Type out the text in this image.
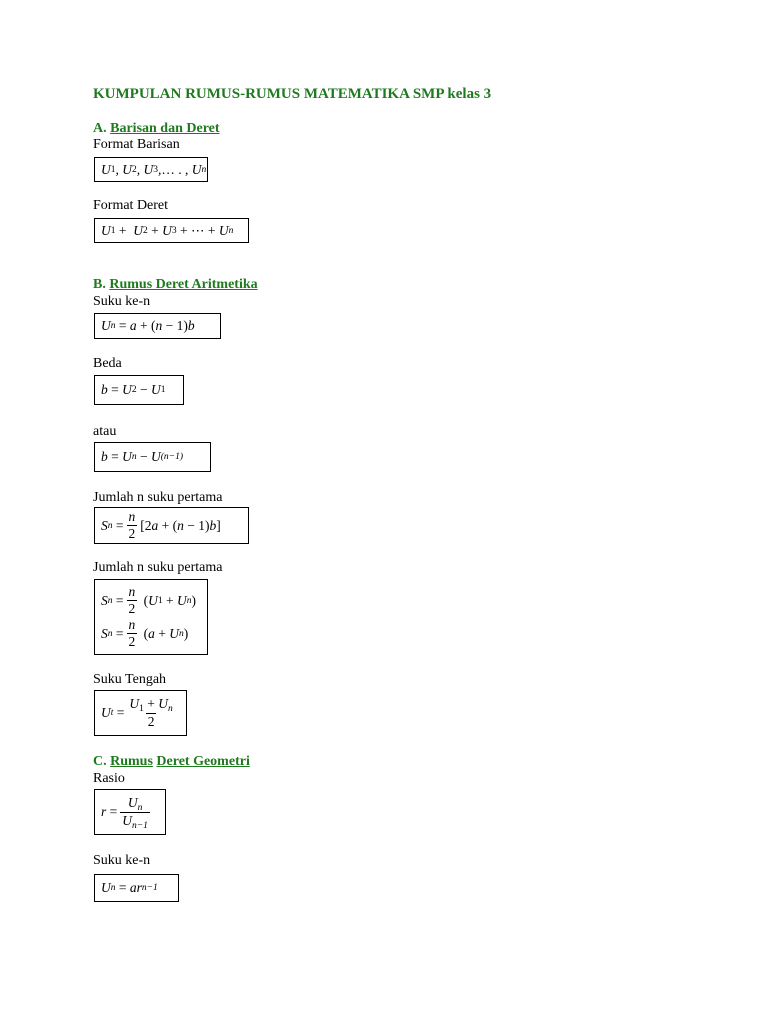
KUMPULAN RUMUS-RUMUS MATEMATIKA SMP kelas 3
A. Barisan dan Deret
Format Barisan
U 1 , U 2 , U 3 , … . , U n
Format Deret
U 1 + U 2 + U 3 + ⋯ + U n
B. Rumus Deret Aritmetika
Suku ke-n
U n = a + ( n − 1) b
Beda
b = U 2 − U 1
atau
b = U n − U (n−1)
Jumlah n suku pertama
S $n = \frac{n}{2} [2$ a + ( n − 1) b ]
Jumlah n suku pertama
S $n = \frac{n}{2}$ ( U 1 + U n )
S $n = \frac{n}{2}$ ( a + U n )
Suku Tengah
U $t = \frac{U_1 + U_n}{2}$
C. Rumus Deret Geometri
Rasio
$r = \frac{U_n}{U_{n-1}}$
Suku ke-n
U n = ar n−1
